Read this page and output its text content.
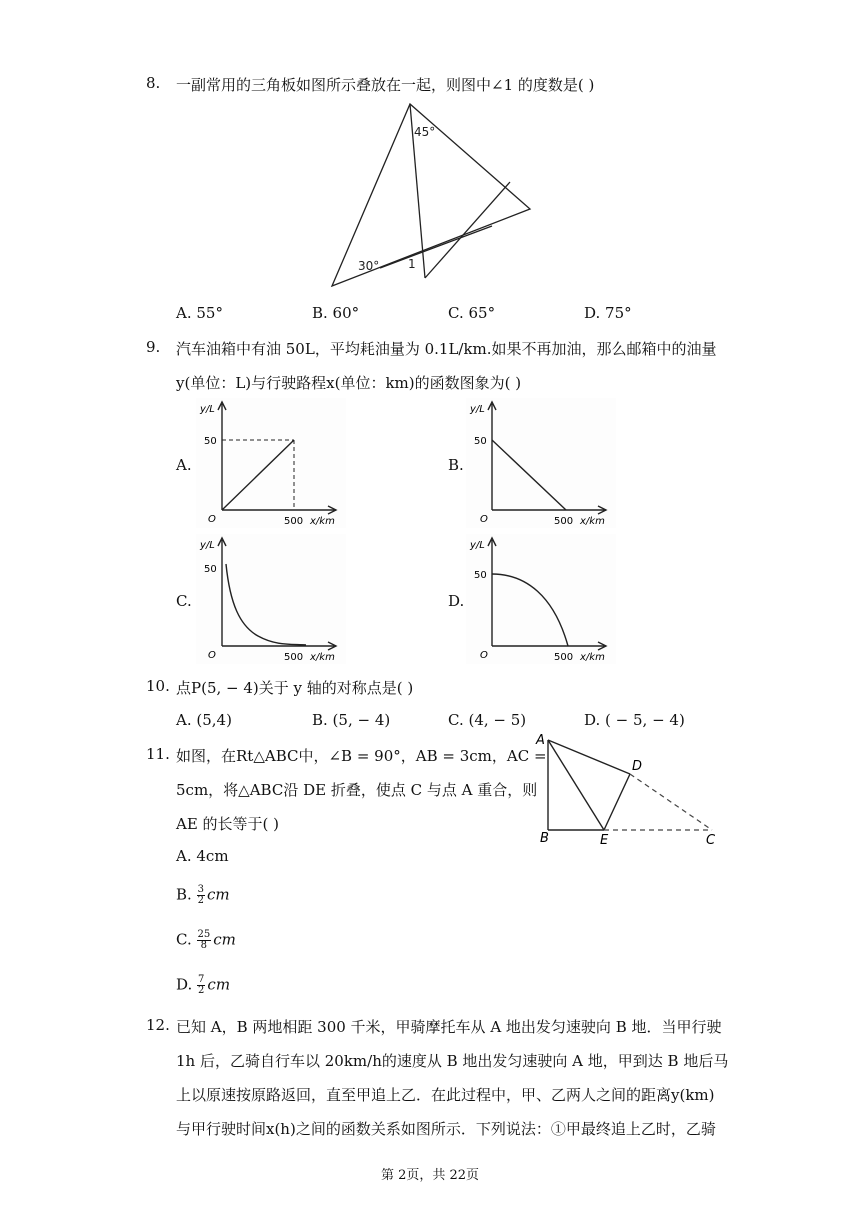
8. 一副常用的三角板如图所示叠放在一起，则图中∠1 的度数是( )
45°
30° 1
A. 55°	B. 60°	C. 65°	D. 75°
9. 汽车油箱中有油 50L，平均耗油量为 0.1L/km.如果不再加油，那么邮箱中的油量
y(单位：L)与行驶路程x(单位：km)的函数图象为( )
A.	B.
C.	D.
y/L
50
O	500 x/km
y/L
50
O	500 x/km
y/L
50
O	500 x/km
y/L
50
O	500 x/km
10. 点P(5, − 4)关于 y 轴的对称点是( )
A. (5,4)	B. (5, − 4)	C. (4, − 5)	D. ( − 5, − 4)
11. 如图，在Rt△ABC中，∠B = 90°，AB = 3cm，AC =
5cm，将△ABC沿 DE 折叠，使点 C 与点 A 重合，则
AE 的长等于( )
A
B	E
D
C
A. 4cm
B. $\frac{3}{2}$ cm
C. $\frac{25}{8}$ cm
D. $\frac{7}{2}$ cm
12. 已知 A，B 两地相距 300 千米，甲骑摩托车从 A 地出发匀速驶向 B 地．当甲行驶
1h 后，乙骑自行车以 20km/h的速度从 B 地出发匀速驶向 A 地，甲到达 B 地后马
上以原速按原路返回，直至甲追上乙．在此过程中，甲、乙两人之间的距离y(km)
与甲行驶时间x(h)之间的函数关系如图所示．下列说法：①甲最终追上乙时，乙骑
第 2页，共 22页
